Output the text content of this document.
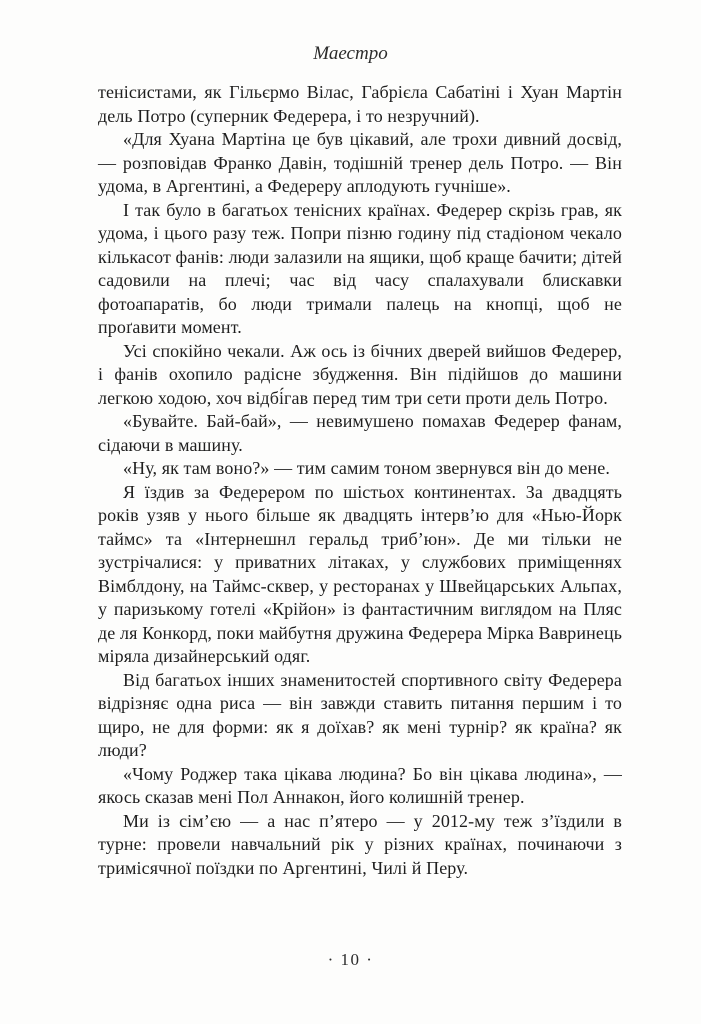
Маестро

тенісистами, як Гільєрмо Вілас, Габрієла Сабатіні і Хуан Мартін дель Потро (суперник Федерера, і то незручний).

«Для Хуана Мартіна це був цікавий, але трохи дивний досвід, — розповідав Франко Давін, тодішній тренер дель Потро. — Він удома, в Аргентині, а Федереру аплодують гучніше».

І так було в багатьох тенісних країнах. Федерер скрізь грав, як удома, і цього разу теж. Попри пізню годину під стадіоном чекало кількасот фанів: люди залазили на ящики, щоб краще бачити; дітей садовили на плечі; час від часу спалахували блискавки фотоапаратів, бо люди тримали палець на кнопці, щоб не проґавити момент.

Усі спокійно чекали. Аж ось із бічних дверей вийшов Федерер, і фанів охопило радісне збудження. Він підійшов до машини легкою ходою, хоч відбі́гав перед тим три сети проти дель Потро.

«Бувайте. Бай-бай», — невимушено помахав Федерер фанам, сідаючи в машину.

«Ну, як там воно?» — тим самим тоном звернувся він до мене.

Я їздив за Федерером по шістьох континентах. За двадцять років узяв у нього більше як двадцять інтерв’ю для «Нью-Йорк таймс» та «Інтернешнл геральд триб’юн». Де ми тільки не зустрічалися: у приватних літаках, у службових приміщеннях Вімблдону, на Таймс-сквер, у ресторанах у Швейцарських Альпах, у паризькому готелі «Крійон» із фантастичним виглядом на Пляс де ля Конкорд, поки майбутня дружина Федерера Мірка Вавринець міряла дизайнерський одяг.

Від багатьох інших знаменитостей спортивного світу Федерера відрізняє одна риса — він завжди ставить питання першим і то щиро, не для форми: як я доїхав? як мені турнір? як країна? як люди?

«Чому Роджер така цікава людина? Бо він цікава людина», — якось сказав мені Пол Аннакон, його колишній тренер.

Ми із сім’єю — а нас п’ятеро — у 2012-му теж з’їздили в турне: провели навчальний рік у різних країнах, починаючи з тримісячної поїздки по Аргентині, Чилі й Перу.

· 10 ·
